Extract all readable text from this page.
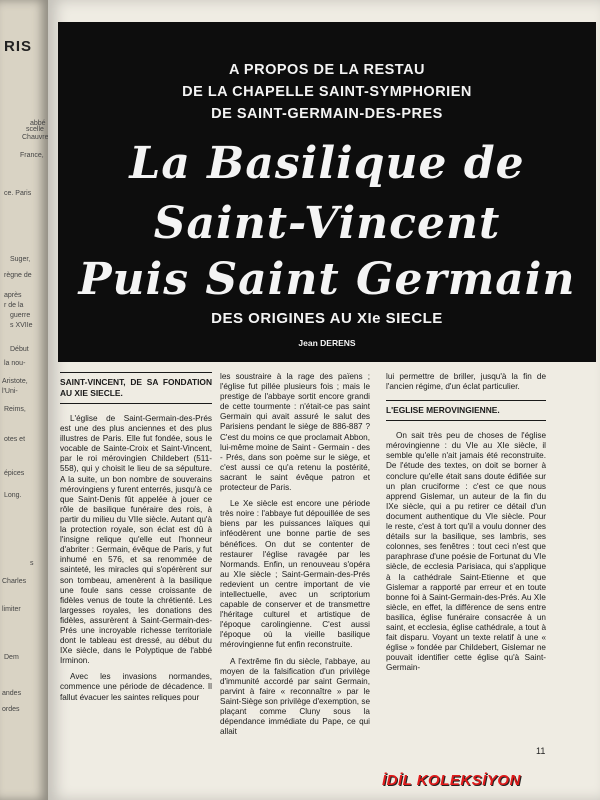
RIS
abbé
scelle
Chauvre
France,
ce. Paris
Suger,
règne de
après
r de la
guerre
s XVIIe
Début
la nou-
Aristote,
l'Uni-
Reims,
otes et
épices
Long.
s
Charles
limiter
Dem
andes
ordes
A PROPOS DE LA RESTAU
DE LA CHAPELLE SAINT-SYMPHORIEN
DE SAINT-GERMAIN-DES-PRES
La Basilique de
Saint-Vincent
Puis Saint Germain
DES ORIGINES AU XIe SIECLE
Jean DERENS
SAINT-VINCENT, DE SA FONDATION AU XIE SIECLE.

L'église de Saint-Germain-des-Prés est une des plus anciennes et des plus illustres de Paris. Elle fut fondée, sous le vocable de Sainte-Croix et Saint-Vincent, par le roi mérovingien Childebert (511-558), qui y choisit le lieu de sa sépulture. A la suite, un bon nombre de souverains mérovingiens y furent enterrés, jusqu'à ce que Saint-Denis fût appelée à jouer ce rôle de basilique funéraire des rois, à partir du milieu du VIIe siècle. Autant qu'à la protection royale, son éclat est dû à l'insigne relique qu'elle eut l'honneur d'abriter : Germain, évêque de Paris, y fut inhumé en 576, et sa renommée de sainteté, les miracles qui s'opérèrent sur son tombeau, amenèrent à la basilique une foule sans cesse croissante de fidèles venus de toute la chrétienté. Les largesses royales, les donations des fidèles, assurèrent à Saint-Germain-des-Prés une incroyable richesse territoriale dont le tableau est dressé, au début du IXe siècle, dans le Polyptique de l'abbé Irminon.

Avec les invasions normandes, commence une période de décadence. Il fallut évacuer les saintes reliques pour

les soustraire à la rage des païens ; l'église fut pillée plusieurs fois ; mais le prestige de l'abbaye sortit encore grandi de cette tourmente : n'était-ce pas saint Germain qui avait assuré le salut des Parisiens pendant le siège de 886-887 ? C'est du moins ce que proclamait Abbon, lui-même moine de Saint - Germain - des - Prés, dans son poème sur le siège, et c'est aussi ce qu'a retenu la postérité, sacrant le saint évêque patron et protecteur de Paris.

Le Xe siècle est encore une période très noire : l'abbaye fut dépouillée de ses biens par les puissances laïques qui inféodèrent une bonne partie de ses bénéfices. On dut se contenter de restaurer l'église ravagée par les Normands. Enfin, un renouveau s'opéra au XIe siècle ; Saint-Germain-des-Prés redevient un centre important de vie intellectuelle, avec un scriptorium capable de conserver et de transmettre l'héritage culturel et artistique de l'époque carolingienne. C'est aussi l'époque où la vieille basilique mérovingienne fut enfin reconstruite.

A l'extrême fin du siècle, l'abbaye, au moyen de la falsification d'un privilège d'immunité accordé par saint Germain, parvint à faire « reconnaître » par le Saint-Siège son privilège d'exemption, se plaçant comme Cluny sous la dépendance immédiate du Pape, ce qui allait

lui permettre de briller, jusqu'à la fin de l'ancien régime, d'un éclat particulier.

L'EGLISE MEROVINGIENNE.

On sait très peu de choses de l'église mérovingienne : du VIe au XIe siècle, il semble qu'elle n'ait jamais été reconstruite. De l'étude des textes, on doit se borner à conclure qu'elle était sans doute édifiée sur un plan cruciforme : c'est ce que nous apprend Gislemar, un auteur de la fin du IXe siècle, qui a pu retirer ce détail d'un document authentique du VIe siècle. Pour le reste, c'est à tort qu'il a voulu donner des détails sur la basilique, ses lambris, ses colonnes, ses fenêtres : tout ceci n'est que paraphrase d'une poésie de Fortunat du VIe siècle, de ecclesia Parisiaca, qui s'applique à la cathédrale Saint-Etienne et que Gislemar a rapporté par erreur et en toute bonne foi à Saint-Germain-des-Prés. Au XIe siècle, en effet, la différence de sens entre basilica, église funéraire consacrée à un saint, et ecclesia, église cathédrale, a tout à fait disparu. Voyant un texte relatif à une « église » fondée par Childebert, Gislemar ne pouvait identifier cette église qu'à Saint-Germain-

11
İDİL KOLEKSİYON
